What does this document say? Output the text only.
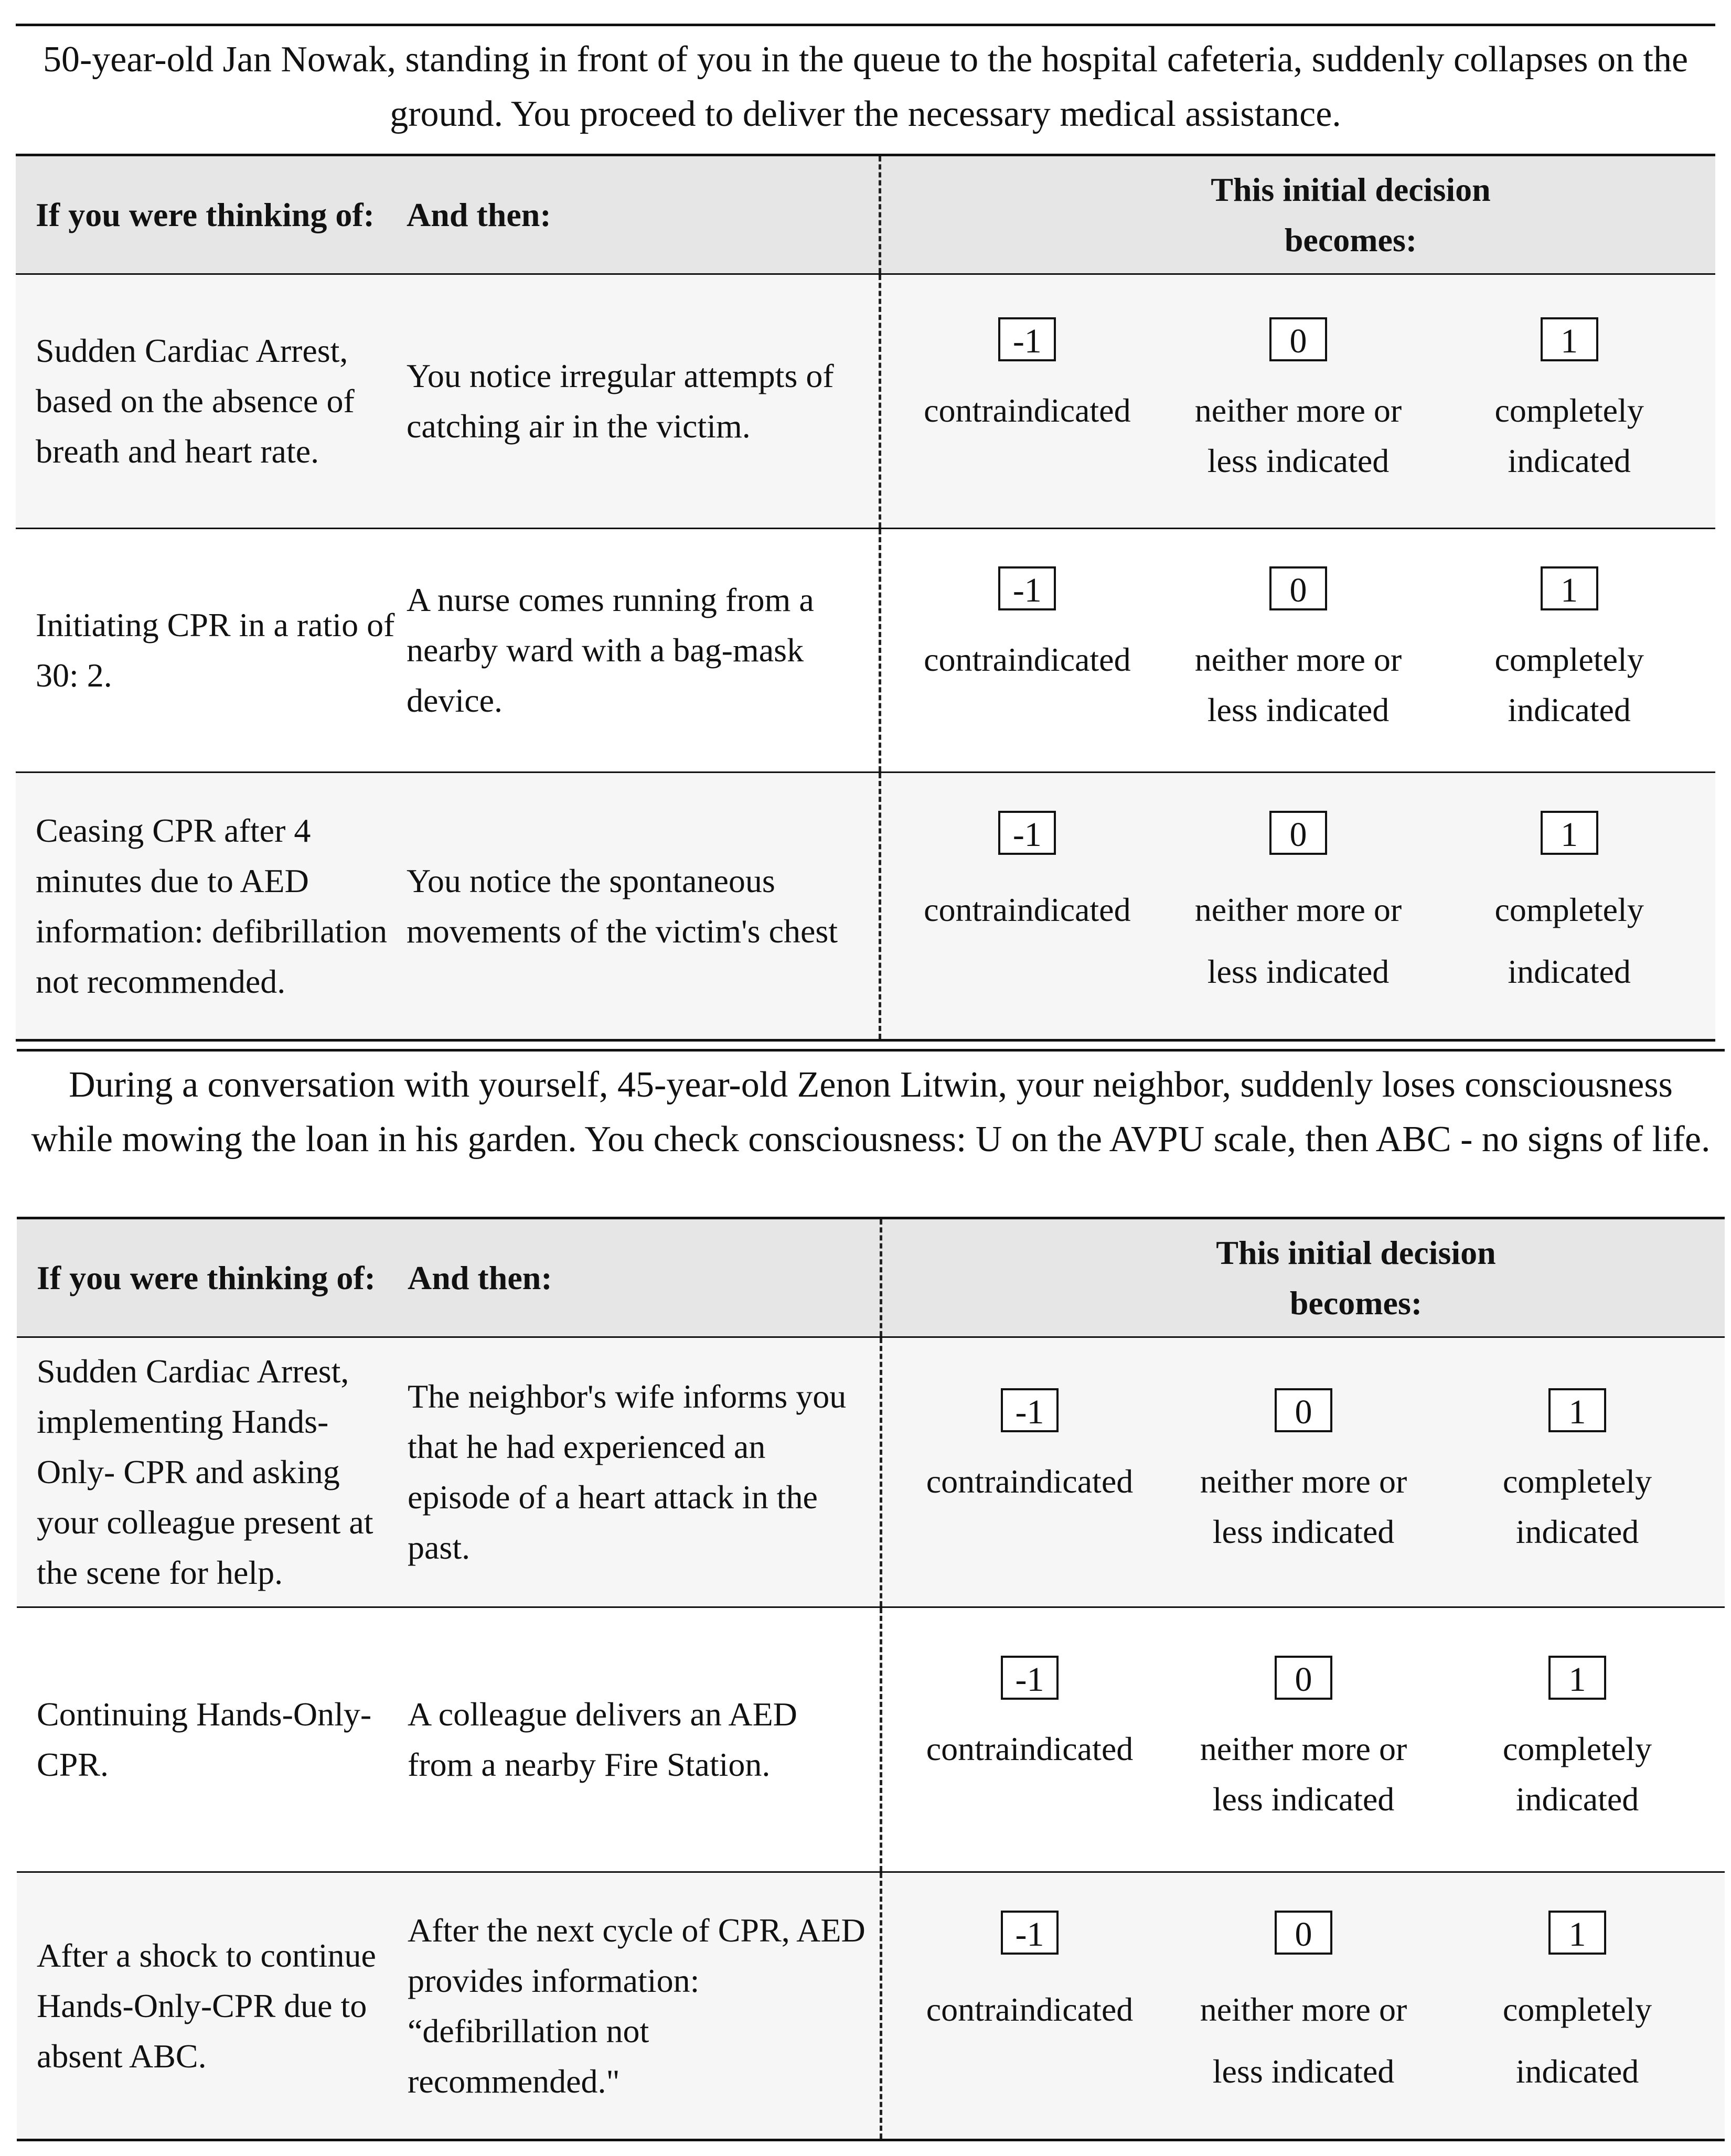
50-year-old Jan Nowak, standing in front of you in the queue to the hospital cafeteria, suddenly collapses on the ground. You proceed to deliver the necessary medical assistance.
If you were thinking of: And then:
This initial decision becomes:
Sudden Cardiac Arrest, based on the absence of breath and heart rate.
You notice irregular attempts of catching air in the victim.
-1
contraindicated
0
neither more or less indicated
1
completely indicated
Initiating CPR in a ratio of 30: 2.
A nurse comes running from a nearby ward with a bag-mask device.
-1
contraindicated
0
neither more or less indicated
1
completely indicated
Ceasing CPR after 4 minutes due to AED information: defibrillation not recommended.
You notice the spontaneous movements of the victim's chest
-1
contraindicated
0
neither more or less indicated
1
completely indicated
During a conversation with yourself, 45-year-old Zenon Litwin, your neighbor, suddenly loses consciousness while mowing the loan in his garden. You check consciousness: U on the AVPU scale, then ABC - no signs of life.
If you were thinking of: And then:
This initial decision becomes:
Sudden Cardiac Arrest, implementing Hands-Only- CPR and asking your colleague present at the scene for help.
The neighbor's wife informs you that he had experienced an episode of a heart attack in the past.
-1
contraindicated
0
neither more or less indicated
1
completely indicated
Continuing Hands-Only- CPR.
A colleague delivers an AED from a nearby Fire Station.
-1
contraindicated
0
neither more or less indicated
1
completely indicated
After a shock to continue Hands-Only-CPR due to absent ABC.
After the next cycle of CPR, AED provides information: “defibrillation not recommended."
-1
contraindicated
0
neither more or less indicated
1
completely indicated
